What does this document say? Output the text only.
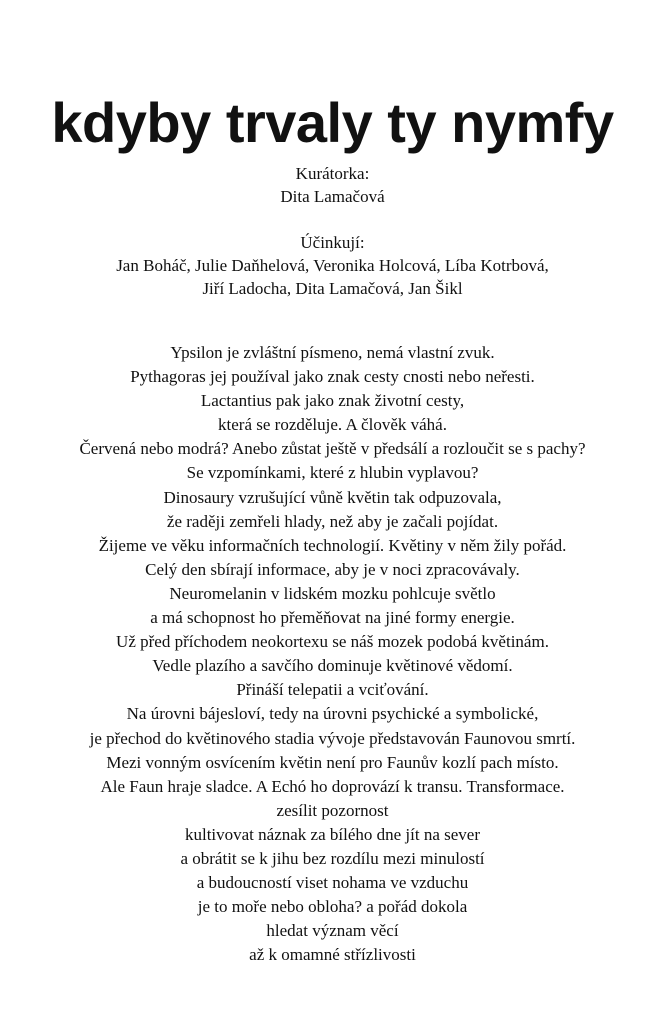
kdyby trvaly ty nymfy
Kurátorka:
Dita Lamačová
Účinkují:
Jan Boháč, Julie Daňhelová, Veronika Holcová, Líba Kotrbová,
Jiří Ladocha, Dita Lamačová, Jan Šikl
Ypsilon je zvláštní písmeno, nemá vlastní zvuk.
Pythagoras jej používal jako znak cesty cnosti nebo neřesti.
Lactantius pak jako znak životní cesty,
která se rozděluje. A člověk váhá.
Červená nebo modrá? Anebo zůstat ještě v předsálí a rozloučit se s pachy?
Se vzpomínkami, které z hlubin vyplavou?
Dinosaury vzrušující vůně květin tak odpuzovala,
že raději zemřeli hlady, než aby je začali pojídat.
Žijeme ve věku informačních technologií. Květiny v něm žily pořád.
Celý den sbírají informace, aby je v noci zpracovávaly.
Neuromelanin v lidském mozku pohlcuje světlo
a má schopnost ho přeměňovat na jiné formy energie.
Už před příchodem neokortexu se náš mozek podobá květinám.
Vedle plazího a savčího dominuje květinové vědomí.
Přináší telepatii a vciťování.
Na úrovni bájesloví, tedy na úrovni psychické a symbolické,
je přechod do květinového stadia vývoje představován Faunovou smrtí.
Mezi vonným osvícením květin není pro Faunův kozlí pach místo.
Ale Faun hraje sladce. A Echó ho doprovází k transu. Transformace.
zesílit pozornost
kultivovat náznak za bílého dne jít na sever
a obrátit se k jihu bez rozdílu mezi minulostí
a budoucností viset nohama ve vzduchu
je to moře nebo obloha? a pořád dokola
hledat význam věcí
až k omamné střízlivosti
